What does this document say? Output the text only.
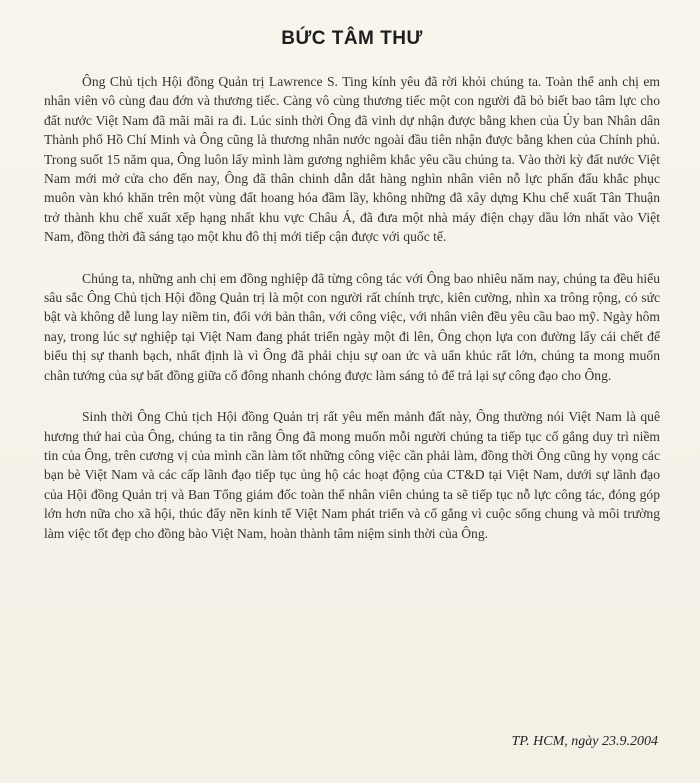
BỨC TÂM THƯ

Ông Chủ tịch Hội đồng Quản trị Lawrence S. Ting kính yêu đã rời khỏi chúng ta. Toàn thể anh chị em nhân viên vô cùng đau đớn và thương tiếc. Càng vô cùng thương tiếc một con người đã bỏ biết bao tâm lực cho đất nước Việt Nam đã mãi mãi ra đi. Lúc sinh thời Ông đã vinh dự nhận được bằng khen của Ủy ban Nhân dân Thành phố Hồ Chí Minh và Ông cũng là thương nhân nước ngoài đầu tiên nhận được bằng khen của Chính phủ. Trong suốt 15 năm qua, Ông luôn lấy mình làm gương nghiêm khắc yêu cầu chúng ta. Vào thời kỳ đất nước Việt Nam mới mở cửa cho đến nay, Ông đã thân chinh dẫn dắt hàng nghìn nhân viên nỗ lực phấn đấu khắc phục muôn vàn khó khăn trên một vùng đất hoang hóa đầm lầy, không những đã xây dựng Khu chế xuất Tân Thuận trở thành khu chế xuất xếp hạng nhất khu vực Châu Á, đã đưa một nhà máy điện chạy dầu lớn nhất vào Việt Nam, đồng thời đã sáng tạo một khu đô thị mới tiếp cận được với quốc tế.

Chúng ta, những anh chị em đồng nghiệp đã từng công tác với Ông bao nhiêu năm nay, chúng ta đều hiểu sâu sắc Ông Chủ tịch Hội đồng Quản trị là một con người rất chính trực, kiên cường, nhìn xa trông rộng, có sức bật và không dễ lung lay niềm tin, đối với bản thân, với công việc, với nhân viên đều yêu cầu bao mỹ. Ngày hôm nay, trong lúc sự nghiệp tại Việt Nam đang phát triển ngày một đi lên, Ông chọn lựa con đường lấy cái chết để biểu thị sự thanh bạch, nhất định là vì Ông đã phải chịu sự oan ức và uẩn khúc rất lớn, chúng ta mong muốn chân tướng của sự bất đồng giữa cổ đông nhanh chóng được làm sáng tỏ để trả lại sự công đạo cho Ông.

Sinh thời Ông Chủ tịch Hội đồng Quản trị rất yêu mến mảnh đất này, Ông thường nói Việt Nam là quê hương thứ hai của Ông, chúng ta tin rằng Ông đã mong muốn mỗi người chúng ta tiếp tục cố gắng duy trì niềm tin của Ông, trên cương vị của mình cần làm tốt những công việc cần phải làm, đồng thời Ông cũng hy vọng các bạn bè Việt Nam và các cấp lãnh đạo tiếp tục ủng hộ các hoạt động của CT&D tại Việt Nam, dưới sự lãnh đạo của Hội đồng Quản trị và Ban Tổng giám đốc toàn thể nhân viên chúng ta sẽ tiếp tục nỗ lực công tác, đóng góp lớn hơn nữa cho xã hội, thúc đẩy nền kinh tế Việt Nam phát triển và cố gắng vì cuộc sống chung và môi trường làm việc tốt đẹp cho đồng bào Việt Nam, hoàn thành tâm niệm sinh thời của Ông.

TP. HCM, ngày 23.9.2004
